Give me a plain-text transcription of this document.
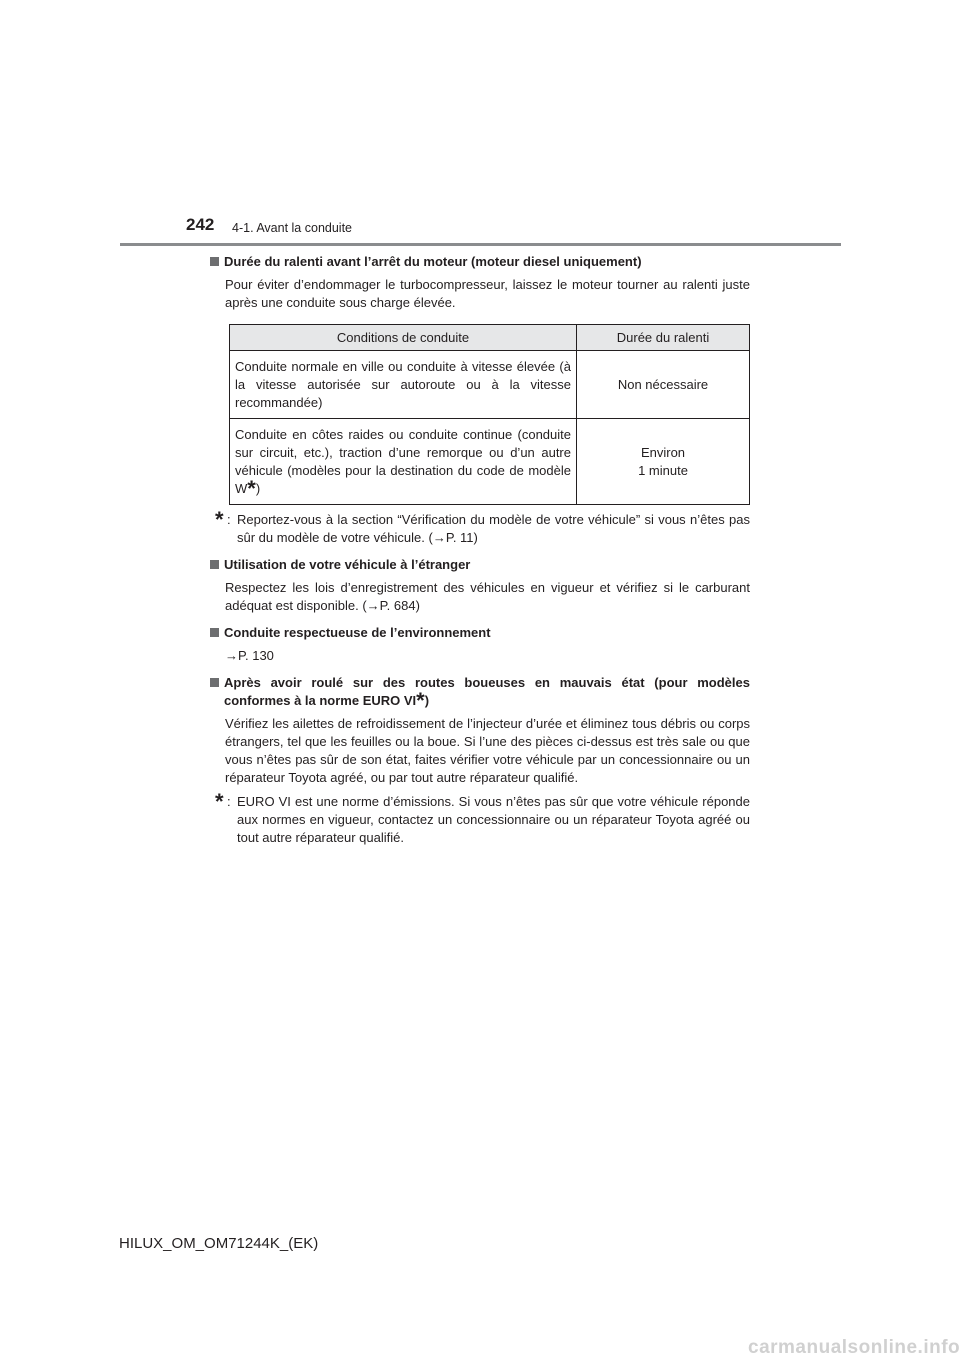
242 4-1. Avant la conduite
Durée du ralenti avant l’arrêt du moteur (moteur diesel uniquement)
Pour éviter d’endommager le turbocompresseur, laissez le moteur tourner au ralenti juste après une conduite sous charge élevée.
Conditions de conduite	Durée du ralenti
Conduite normale en ville ou conduite à vitesse élevée (à la vitesse autorisée sur autoroute ou à la vitesse recommandée)	Non nécessaire
Conduite en côtes raides ou conduite continue (conduite sur circuit, etc.), traction d’une remorque ou d’un autre véhicule (modèles pour la destination du code de modèle W*)	Environ
1 minute
* : Reportez-vous à la section “Vérification du modèle de votre véhicule” si vous n’êtes pas sûr du modèle de votre véhicule. (→P. 11)
Utilisation de votre véhicule à l’étranger
Respectez les lois d’enregistrement des véhicules en vigueur et vérifiez si le carburant adéquat est disponible. (→P. 684)
Conduite respectueuse de l’environnement
→P. 130
Après avoir roulé sur des routes boueuses en mauvais état (pour modèles conformes à la norme EURO VI*)
Vérifiez les ailettes de refroidissement de l’injecteur d’urée et éliminez tous débris ou corps étrangers, tel que les feuilles ou la boue. Si l’une des pièces ci-dessus est très sale ou que vous n’êtes pas sûr de son état, faites vérifier votre véhicule par un concessionnaire ou un réparateur Toyota agréé, ou par tout autre réparateur qualifié.
* : EURO VI est une norme d’émissions. Si vous n’êtes pas sûr que votre véhicule réponde aux normes en vigueur, contactez un concessionnaire ou un réparateur Toyota agréé ou tout autre réparateur qualifié.
HILUX_OM_OM71244K_(EK)
carmanualsonline.info
